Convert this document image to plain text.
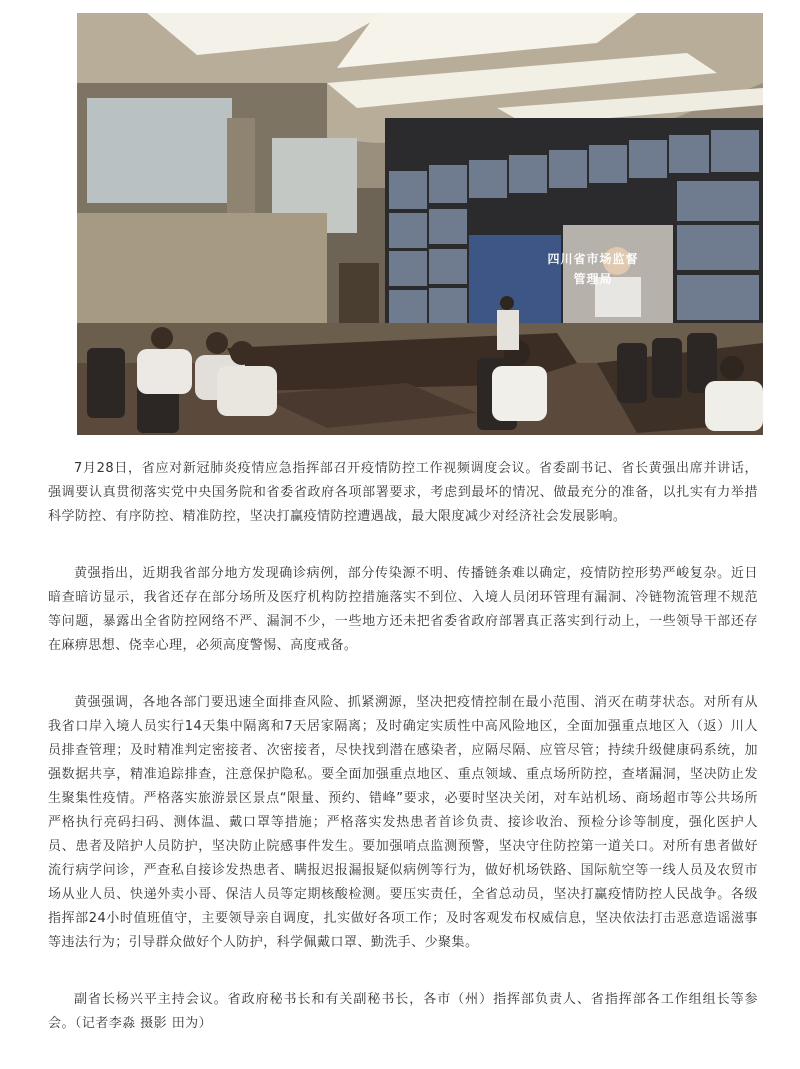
四川省市场监督管理局

7月28日，省应对新冠肺炎疫情应急指挥部召开疫情防控工作视频调度会议。省委副书记、省长黄强出席并讲话，强调要认真贯彻落实党中央国务院和省委省政府各项部署要求，考虑到最坏的情况、做最充分的准备，以扎实有力举措科学防控、有序防控、精准防控，坚决打赢疫情防控遭遇战，最大限度减少对经济社会发展影响。

黄强指出，近期我省部分地方发现确诊病例，部分传染源不明、传播链条难以确定，疫情防控形势严峻复杂。近日暗查暗访显示，我省还存在部分场所及医疗机构防控措施落实不到位、入境人员闭环管理有漏洞、冷链物流管理不规范等问题，暴露出全省防控网络不严、漏洞不少，一些地方还未把省委省政府部署真正落实到行动上，一些领导干部还存在麻痹思想、侥幸心理，必须高度警惕、高度戒备。

黄强强调，各地各部门要迅速全面排查风险、抓紧溯源，坚决把疫情控制在最小范围、消灭在萌芽状态。对所有从我省口岸入境人员实行14天集中隔离和7天居家隔离；及时确定实质性中高风险地区，全面加强重点地区入（返）川人员排查管理；及时精准判定密接者、次密接者，尽快找到潜在感染者，应隔尽隔、应管尽管；持续升级健康码系统，加强数据共享，精准追踪排查，注意保护隐私。要全面加强重点地区、重点领域、重点场所防控，查堵漏洞，坚决防止发生聚集性疫情。严格落实旅游景区景点“限量、预约、错峰”要求，必要时坚决关闭，对车站机场、商场超市等公共场所严格执行亮码扫码、测体温、戴口罩等措施；严格落实发热患者首诊负责、接诊收治、预检分诊等制度，强化医护人员、患者及陪护人员防护，坚决防止院感事件发生。要加强哨点监测预警，坚决守住防控第一道关口。对所有患者做好流行病学问诊，严查私自接诊发热患者、瞒报迟报漏报疑似病例等行为，做好机场铁路、国际航空等一线人员及农贸市场从业人员、快递外卖小哥、保洁人员等定期核酸检测。要压实责任，全省总动员，坚决打赢疫情防控人民战争。各级指挥部24小时值班值守，主要领导亲自调度，扎实做好各项工作；及时客观发布权威信息，坚决依法打击恶意造谣滋事等违法行为；引导群众做好个人防护，科学佩戴口罩、勤洗手、少聚集。

副省长杨兴平主持会议。省政府秘书长和有关副秘书长，各市（州）指挥部负责人、省指挥部各工作组组长等参会。（记者李淼 摄影 田为）
